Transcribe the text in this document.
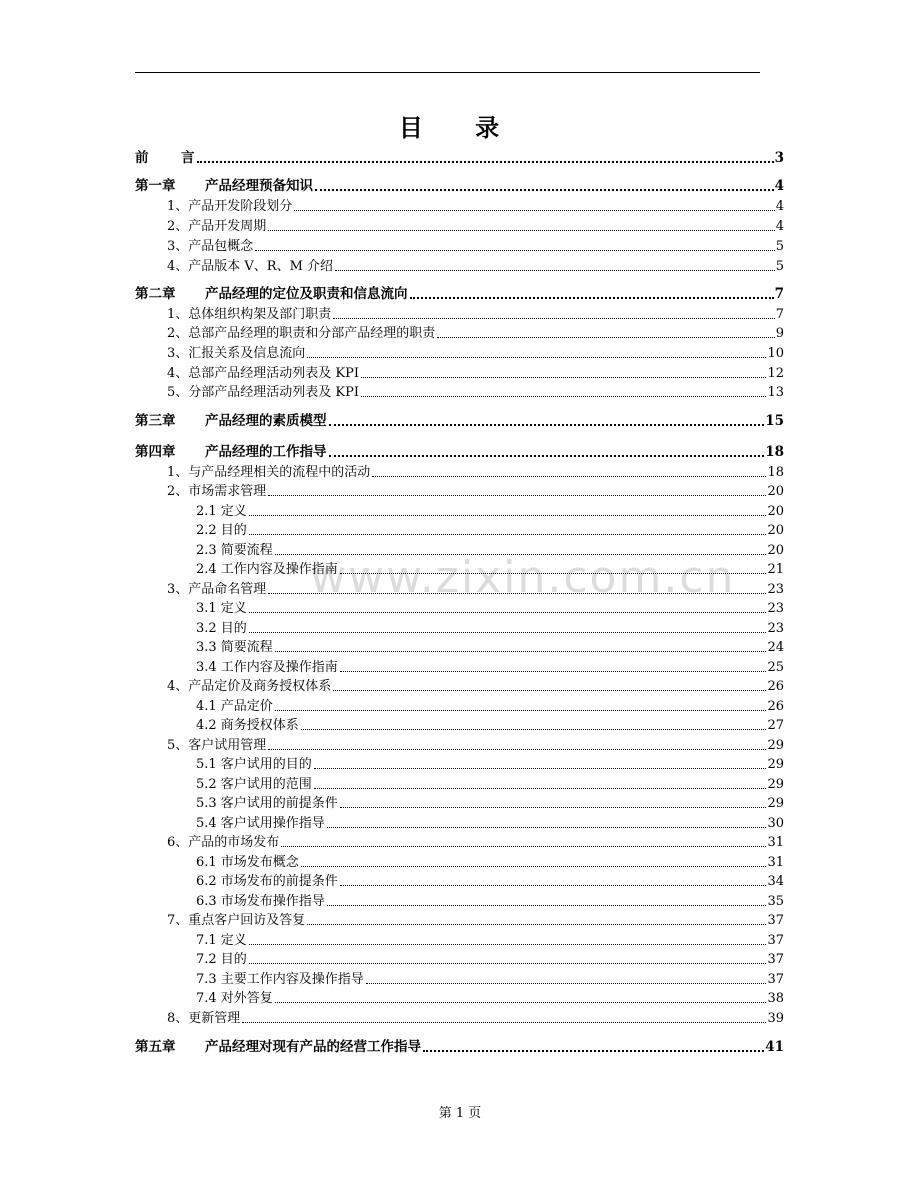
www.zixin.com.cn
目 录
前 言	3
第一章 产品经理预备知识	4
1、产品开发阶段划分	4
2、产品开发周期	4
3、产品包概念	5
4、产品版本 V、R、M 介绍	5
第二章 产品经理的定位及职责和信息流向	7
1、总体组织构架及部门职责	7
2、总部产品经理的职责和分部产品经理的职责	9
3、汇报关系及信息流向	10
4、总部产品经理活动列表及 KPI	12
5、分部产品经理活动列表及 KPI	13
第三章 产品经理的素质模型	15
第四章 产品经理的工作指导	18
1、与产品经理相关的流程中的活动	18
2、市场需求管理	20
2.1 定义	20
2.2 目的	20
2.3 简要流程	20
2.4 工作内容及操作指南	21
3、产品命名管理	23
3.1 定义	23
3.2 目的	23
3.3 简要流程	24
3.4 工作内容及操作指南	25
4、产品定价及商务授权体系	26
4.1 产品定价	26
4.2 商务授权体系	27
5、客户试用管理	29
5.1 客户试用的目的	29
5.2 客户试用的范围	29
5.3 客户试用的前提条件	29
5.4 客户试用操作指导	30
6、产品的市场发布	31
6.1 市场发布概念	31
6.2 市场发布的前提条件	34
6.3 市场发布操作指导	35
7、重点客户回访及答复	37
7.1 定义	37
7.2 目的	37
7.3 主要工作内容及操作指导	37
7.4 对外答复	38
8、更新管理	39
第五章 产品经理对现有产品的经营工作指导	41
第 1 页
